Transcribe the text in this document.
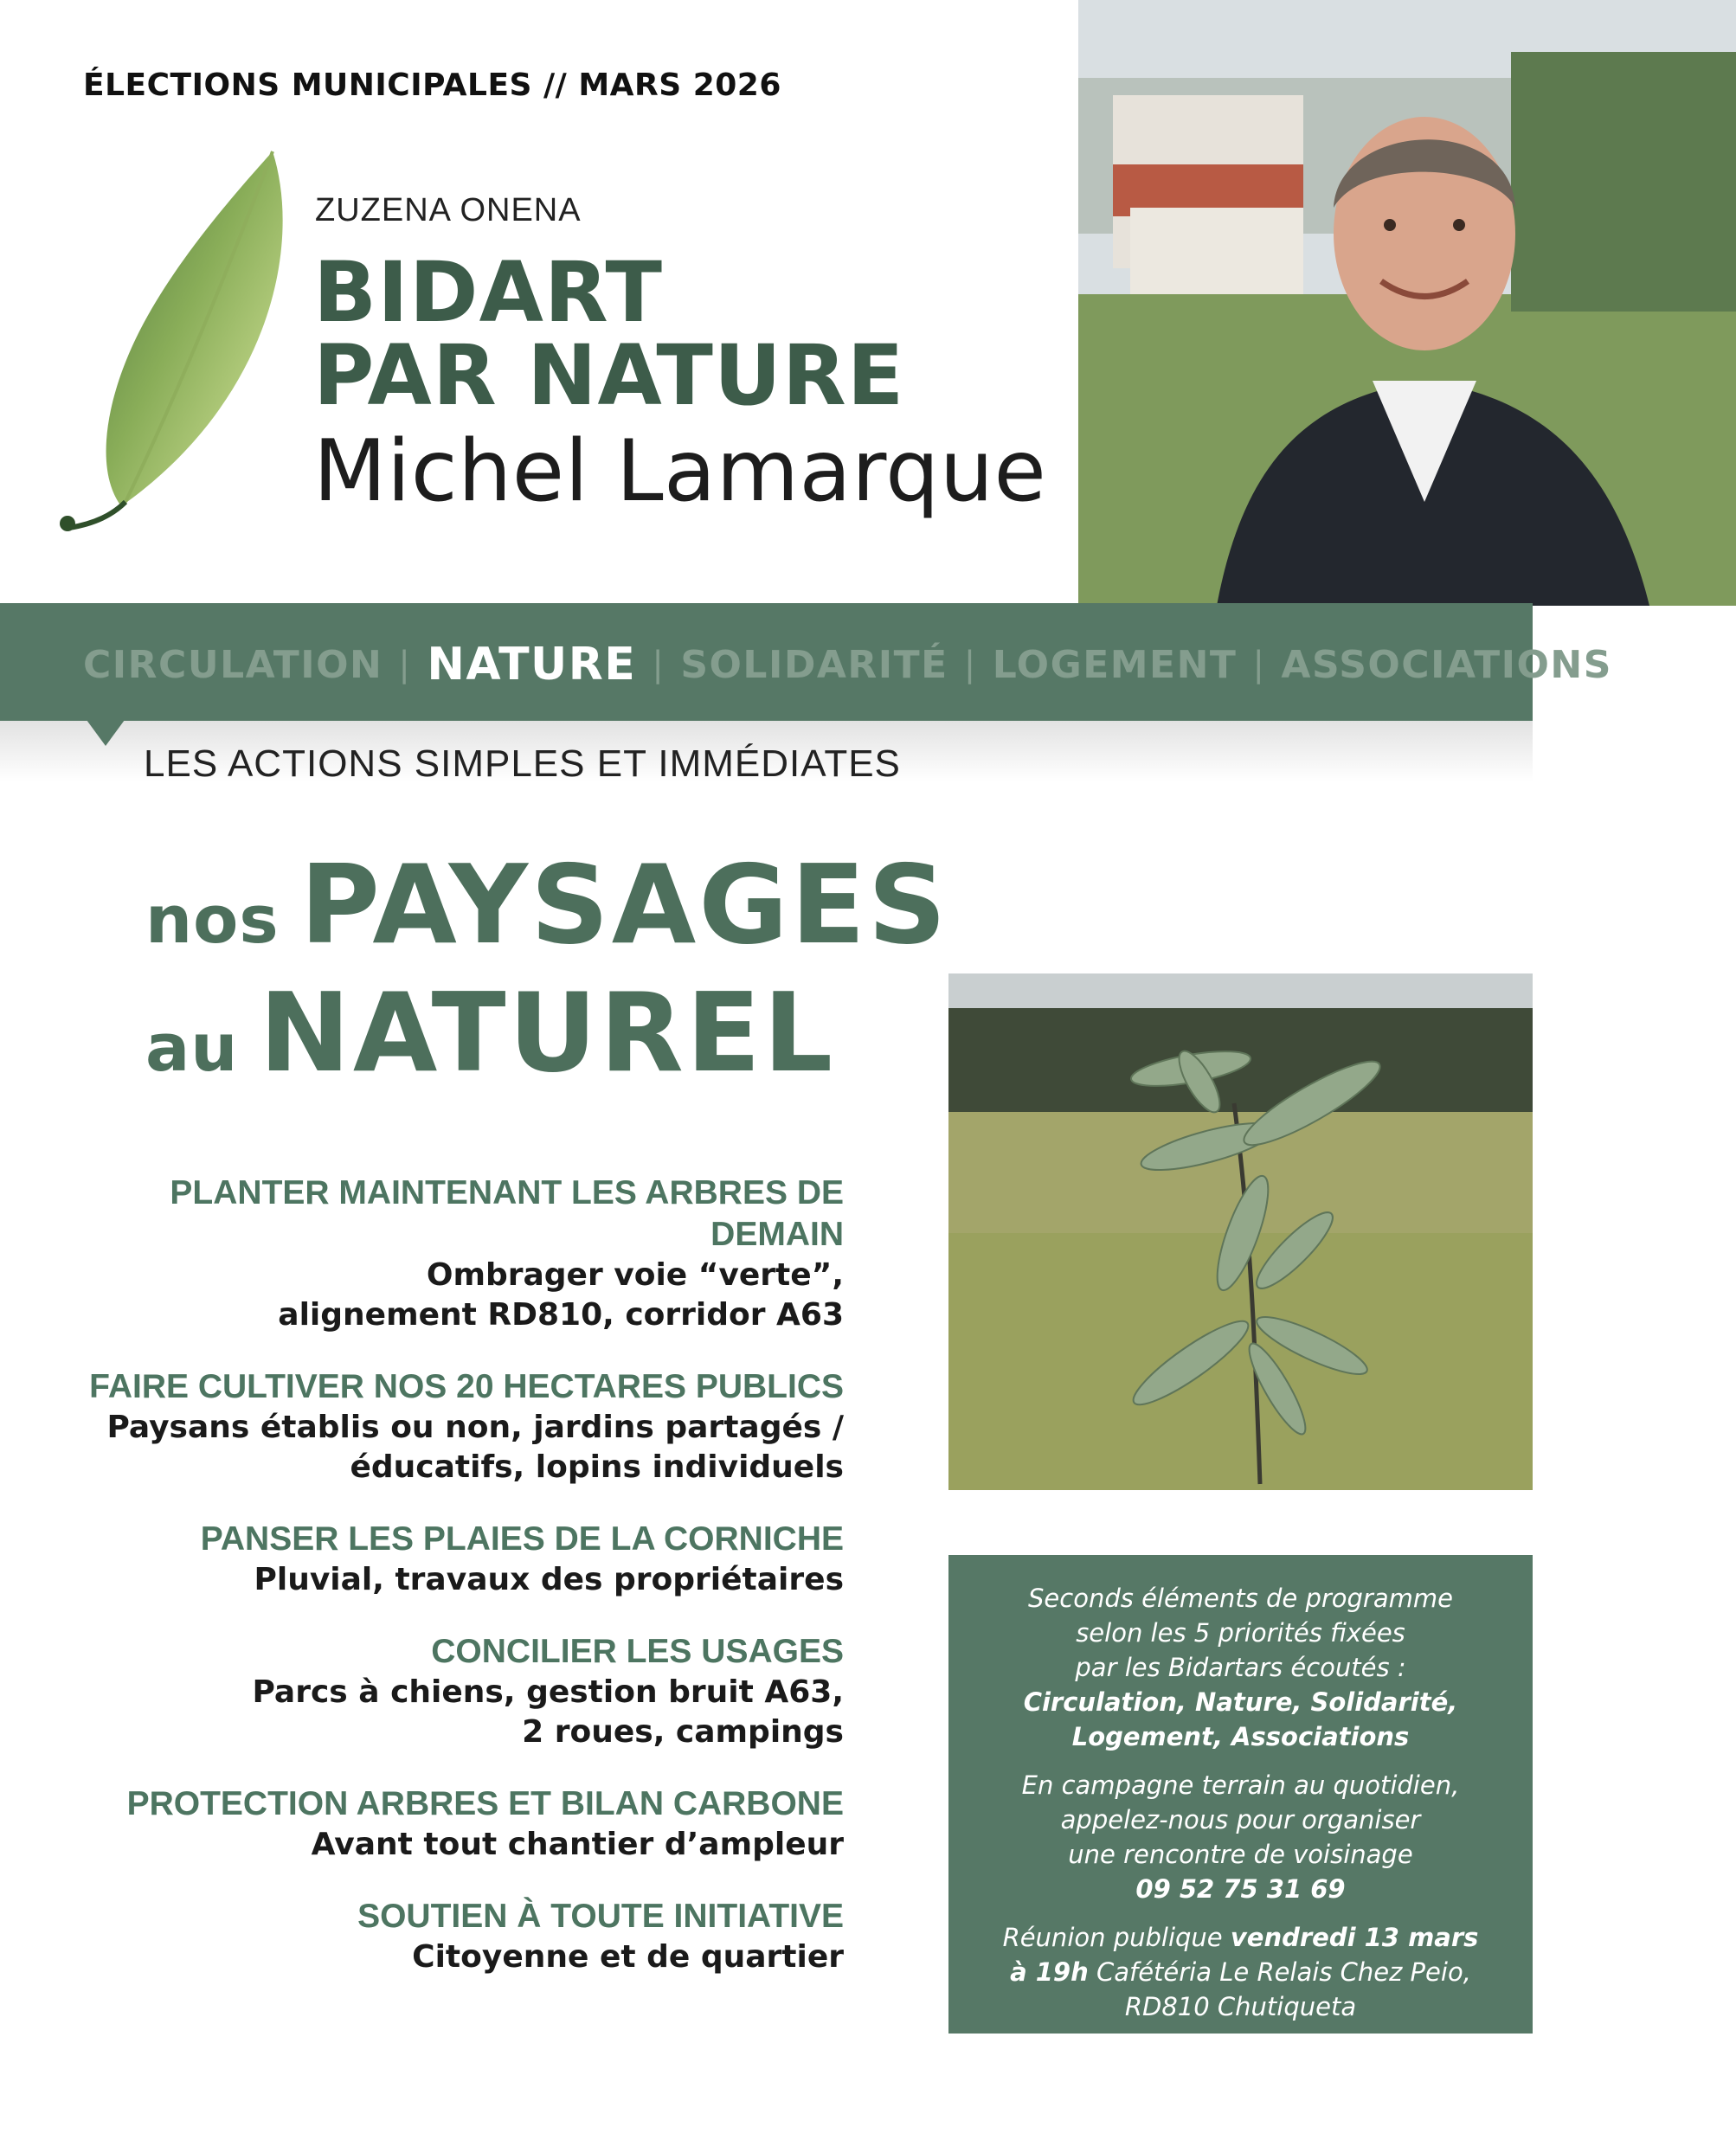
ÉLECTIONS MUNICIPALES // MARS 2026
ZUZENA ONENA
BIDART
PAR NATURE
Michel Lamarque
CIRCULATION | NATURE | SOLIDARITÉ | LOGEMENT | ASSOCIATIONS
LES ACTIONS SIMPLES ET IMMÉDIATES
nos PAYSAGES
au NATUREL
PLANTER MAINTENANT LES ARBRES DE DEMAIN
Ombrager voie “verte”,
alignement RD810, corridor A63
FAIRE CULTIVER NOS 20 HECTARES PUBLICS
Paysans établis ou non, jardins partagés /
éducatifs, lopins individuels
PANSER LES PLAIES DE LA CORNICHE
Pluvial, travaux des propriétaires
CONCILIER LES USAGES
Parcs à chiens, gestion bruit A63,
2 roues, campings
PROTECTION ARBRES ET BILAN CARBONE
Avant tout chantier d’ampleur
SOUTIEN À TOUTE INITIATIVE
Citoyenne et de quartier

Seconds éléments de programme
selon les 5 priorités fixées
par les Bidartars écoutés :
Circulation, Nature, Solidarité,
Logement, Associations

En campagne terrain au quotidien,
appelez-nous pour organiser
une rencontre de voisinage
09 52 75 31 69

Réunion publique vendredi 13 mars
à 19h Cafétéria Le Relais Chez Peio,
RD810 Chutiqueta
